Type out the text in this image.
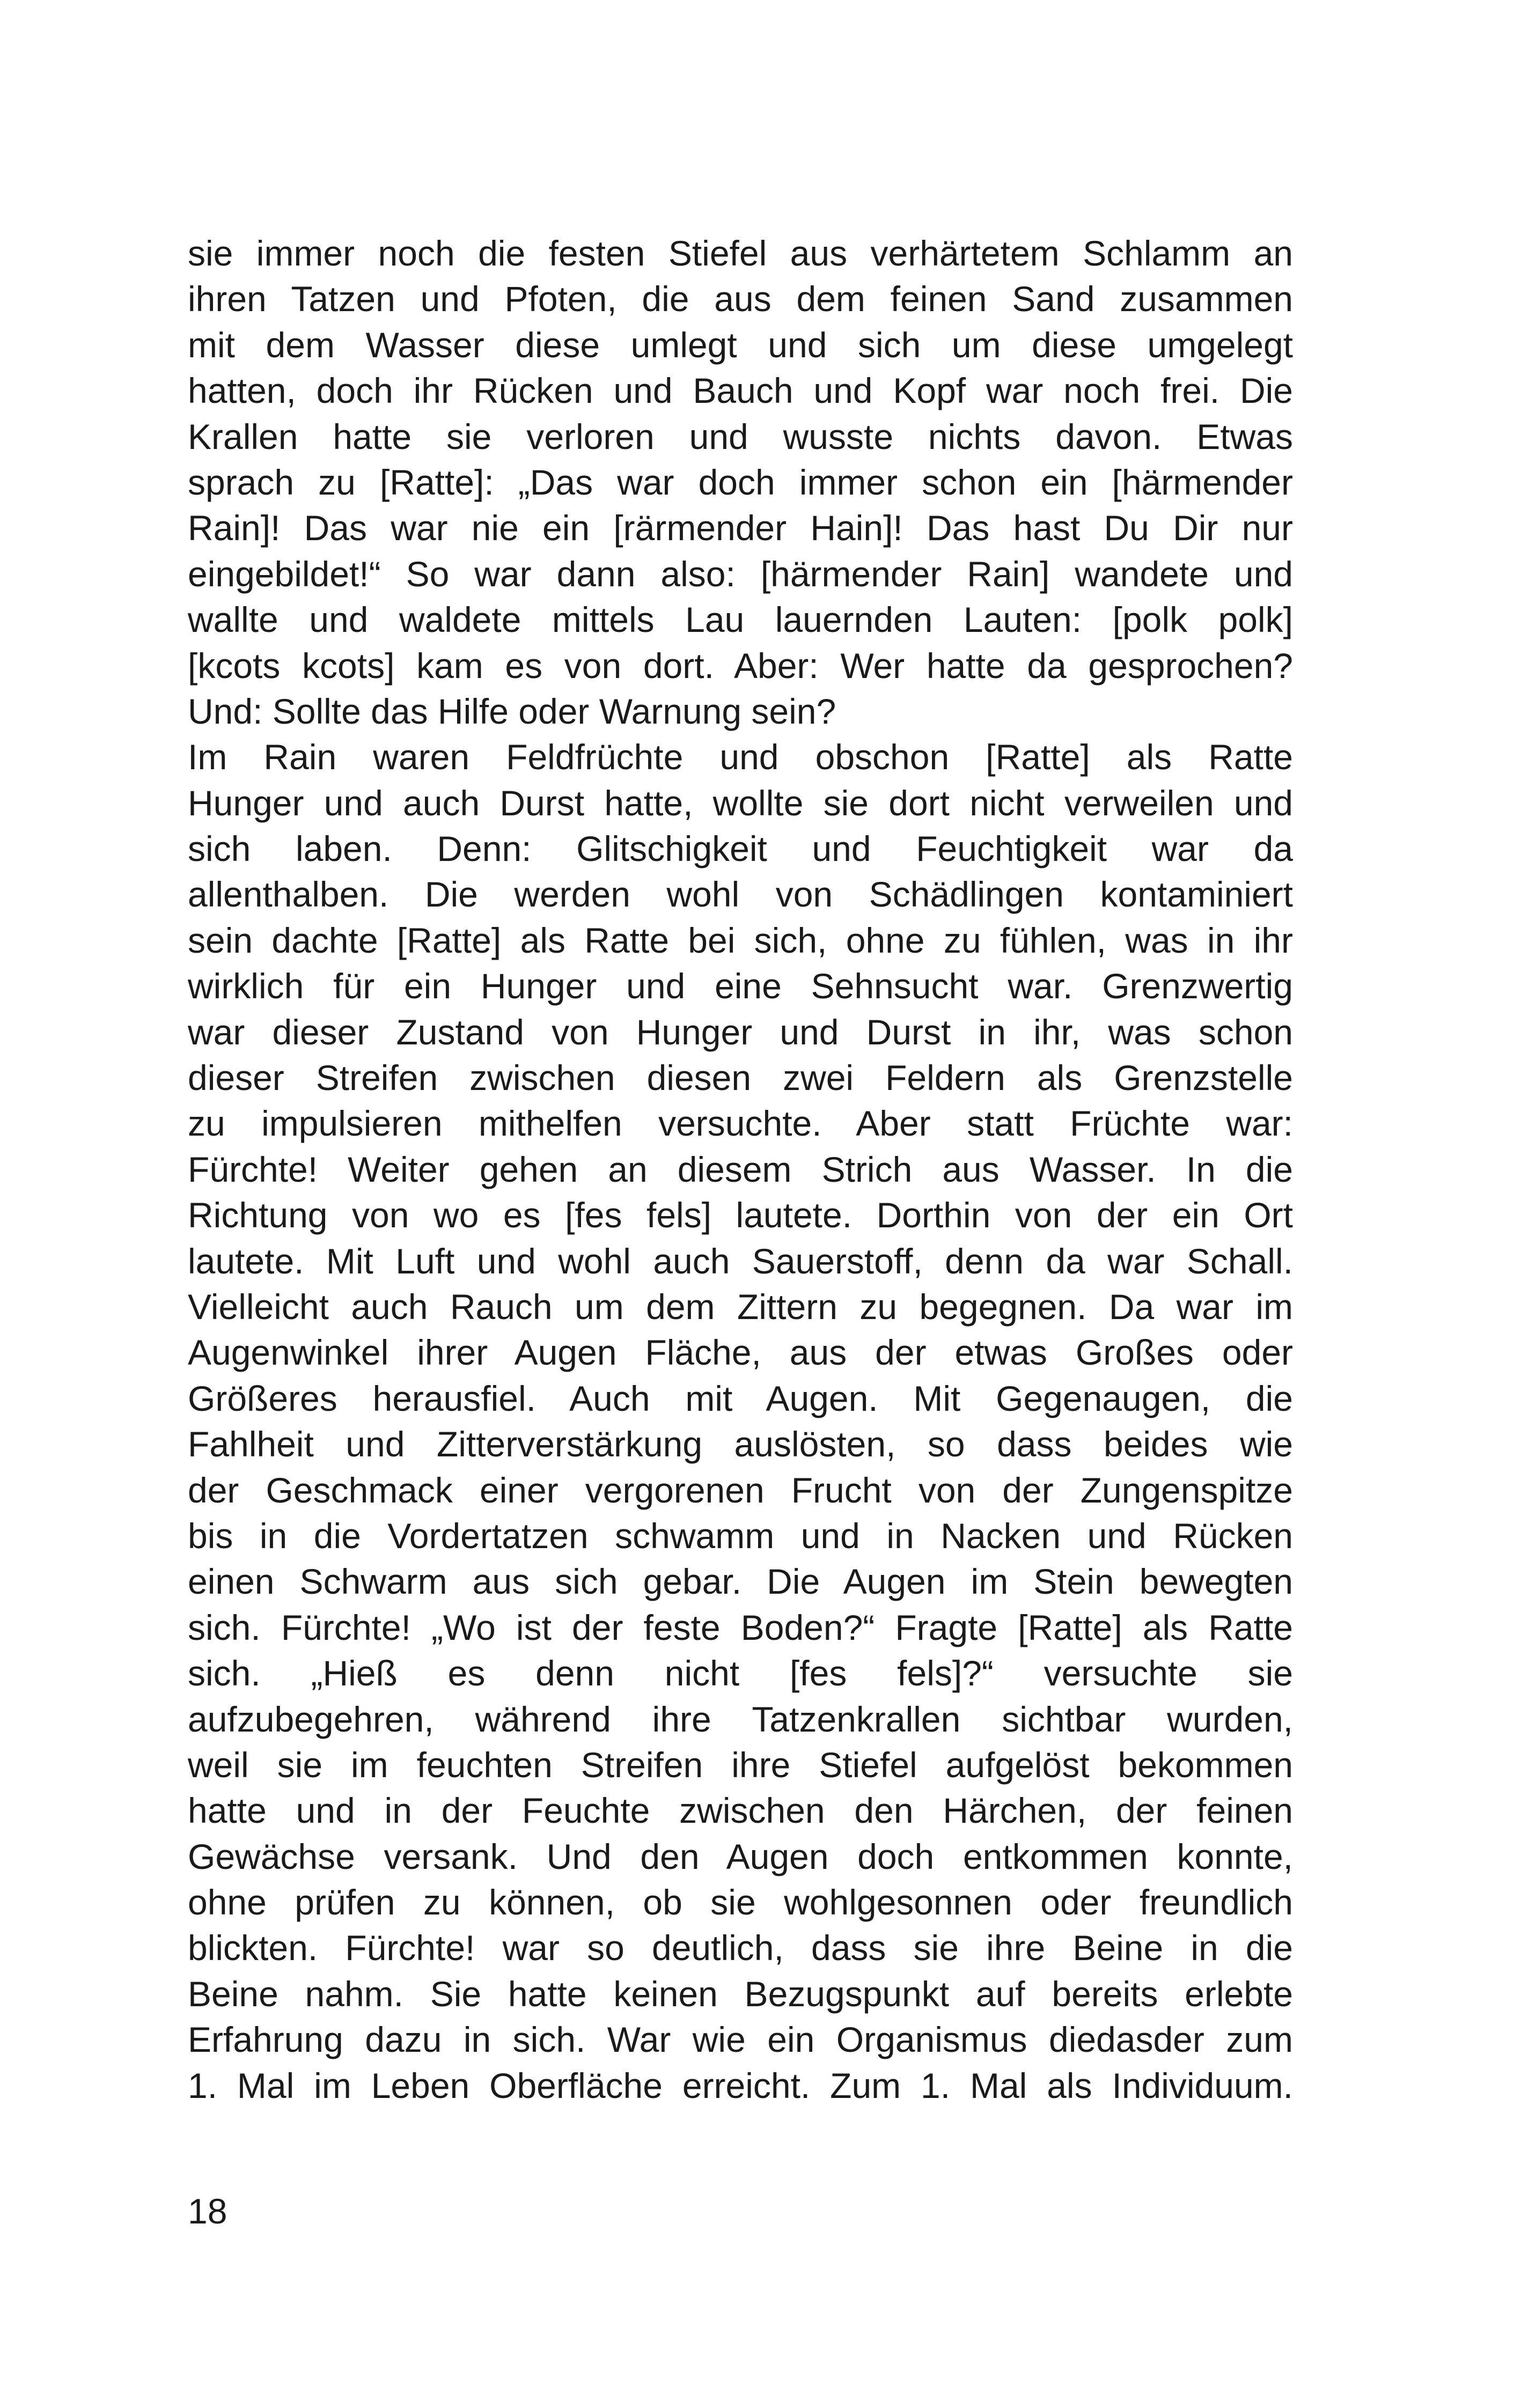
sie immer noch die festen Stiefel aus verhärtetem Schlamm an
ihren Tatzen und Pfoten, die aus dem feinen Sand zusammen
mit dem Wasser diese umlegt und sich um diese umgelegt
hatten, doch ihr Rücken und Bauch und Kopf war noch frei. Die
Krallen hatte sie verloren und wusste nichts davon. Etwas
sprach zu [Ratte]: „Das war doch immer schon ein [härmender
Rain]! Das war nie ein [rärmender Hain]! Das hast Du Dir nur
eingebildet!“ So war dann also: [härmender Rain] wandete und
wallte und waldete mittels Lau lauernden Lauten: [polk polk]
[kcots kcots] kam es von dort. Aber: Wer hatte da gesprochen?
Und: Sollte das Hilfe oder Warnung sein?

Im Rain waren Feldfrüchte und obschon [Ratte] als Ratte
Hunger und auch Durst hatte, wollte sie dort nicht verweilen und
sich laben. Denn: Glitschigkeit und Feuchtigkeit war da
allenthalben. Die werden wohl von Schädlingen kontaminiert
sein dachte [Ratte] als Ratte bei sich, ohne zu fühlen, was in ihr
wirklich für ein Hunger und eine Sehnsucht war. Grenzwertig
war dieser Zustand von Hunger und Durst in ihr, was schon
dieser Streifen zwischen diesen zwei Feldern als Grenzstelle
zu impulsieren mithelfen versuchte. Aber statt Früchte war:
Fürchte! Weiter gehen an diesem Strich aus Wasser. In die
Richtung von wo es [fes fels] lautete. Dorthin von der ein Ort
lautete. Mit Luft und wohl auch Sauerstoff, denn da war Schall.
Vielleicht auch Rauch um dem Zittern zu begegnen. Da war im
Augenwinkel ihrer Augen Fläche, aus der etwas Großes oder
Größeres herausfiel. Auch mit Augen. Mit Gegenaugen, die
Fahlheit und Zitterverstärkung auslösten, so dass beides wie
der Geschmack einer vergorenen Frucht von der Zungenspitze
bis in die Vordertatzen schwamm und in Nacken und Rücken
einen Schwarm aus sich gebar. Die Augen im Stein bewegten
sich. Fürchte! „Wo ist der feste Boden?“ Fragte [Ratte] als Ratte
sich. „Hieß es denn nicht [fes fels]?“ versuchte sie
aufzubegehren, während ihre Tatzenkrallen sichtbar wurden,
weil sie im feuchten Streifen ihre Stiefel aufgelöst bekommen
hatte und in der Feuchte zwischen den Härchen, der feinen
Gewächse versank. Und den Augen doch entkommen konnte,
ohne prüfen zu können, ob sie wohlgesonnen oder freundlich
blickten. Fürchte! war so deutlich, dass sie ihre Beine in die
Beine nahm. Sie hatte keinen Bezugspunkt auf bereits erlebte
Erfahrung dazu in sich. War wie ein Organismus diedasder zum
1. Mal im Leben Oberfläche erreicht. Zum 1. Mal als Individuum.

18
